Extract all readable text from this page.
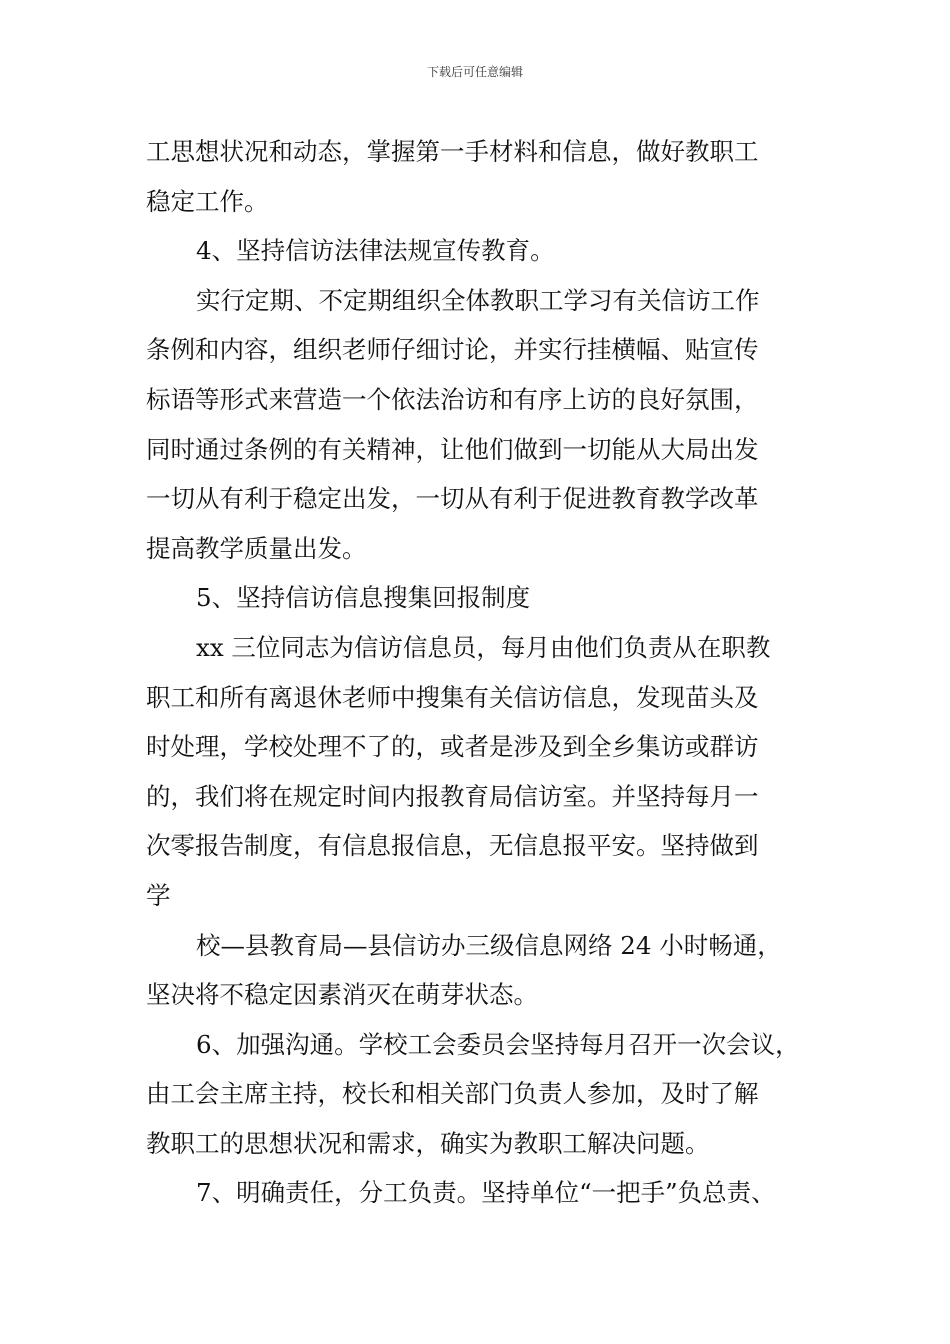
下载后可任意编辑
工思想状况和动态，掌握第一手材料和信息，做好教职工
稳定工作。
4、坚持信访法律法规宣传教育。
实行定期、不定期组织全体教职工学习有关信访工作
条例和内容，组织老师仔细讨论，并实行挂横幅、贴宣传
标语等形式来营造一个依法治访和有序上访的良好氛围，
同时通过条例的有关精神，让他们做到一切能从大局出发
一切从有利于稳定出发，一切从有利于促进教育教学改革
提高教学质量出发。
5、坚持信访信息搜集回报制度
xx 三位同志为信访信息员，每月由他们负责从在职教
职工和所有离退休老师中搜集有关信访信息，发现苗头及
时处理，学校处理不了的，或者是涉及到全乡集访或群访
的，我们将在规定时间内报教育局信访室。并坚持每月一
次零报告制度，有信息报信息，无信息报平安。坚持做到
学
校—县教育局—县信访办三级信息网络 24 小时畅通，
坚决将不稳定因素消灭在萌芽状态。
6、加强沟通。学校工会委员会坚持每月召开一次会议，
由工会主席主持，校长和相关部门负责人参加，及时了解
教职工的思想状况和需求，确实为教职工解决问题。
7、明确责任，分工负责。坚持单位“一把手”负总责、
